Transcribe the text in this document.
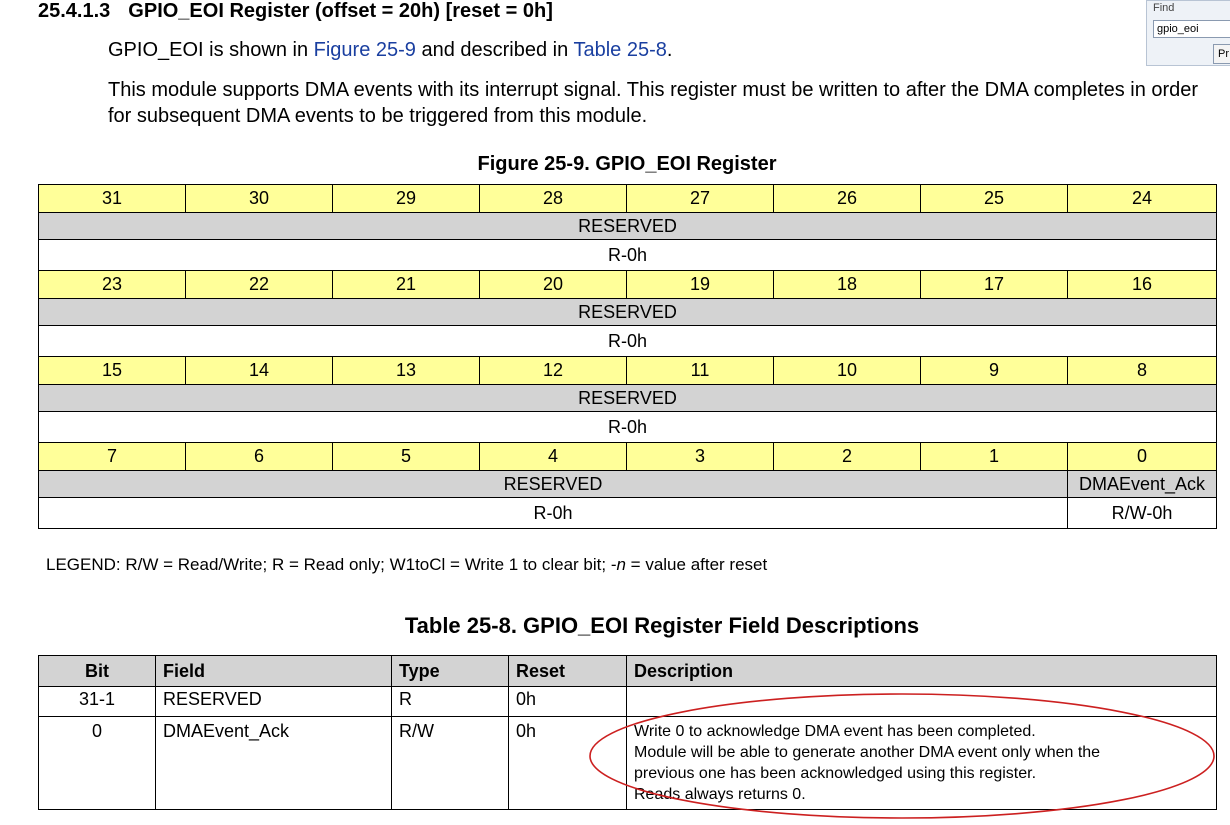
25.4.1.3 GPIO_EOI Register (offset = 20h) [reset = 0h]
GPIO_EOI is shown in Figure 25-9 and described in Table 25-8.
This module supports DMA events with its interrupt signal. This register must be written to after the DMA completes in order for subsequent DMA events to be triggered from this module.
Figure 25-9. GPIO_EOI Register
31	30	29	28	27	26	25	24
RESERVED							
R-0h							
23	22	21	20	19	18	17	16
RESERVED							
R-0h							
15	14	13	12	11	10	9	8
RESERVED							
R-0h							
7	6	5	4	3	2	1	0
RESERVED							DMAEvent_Ack
R-0h							R/W-0h
LEGEND: R/W = Read/Write; R = Read only; W1toCl = Write 1 to clear bit; -n = value after reset
Table 25-8. GPIO_EOI Register Field Descriptions
Bit	Field	Type	Reset	Description
31-1	RESERVED	R	0h	
0	DMAEvent_Ack	R/W	0h	Write 0 to acknowledge DMA event has been completed.
Module will be able to generate another DMA event only when the
previous one has been acknowledged using this register.
Reads always returns 0.
Find
gpio_eoi
Pr
